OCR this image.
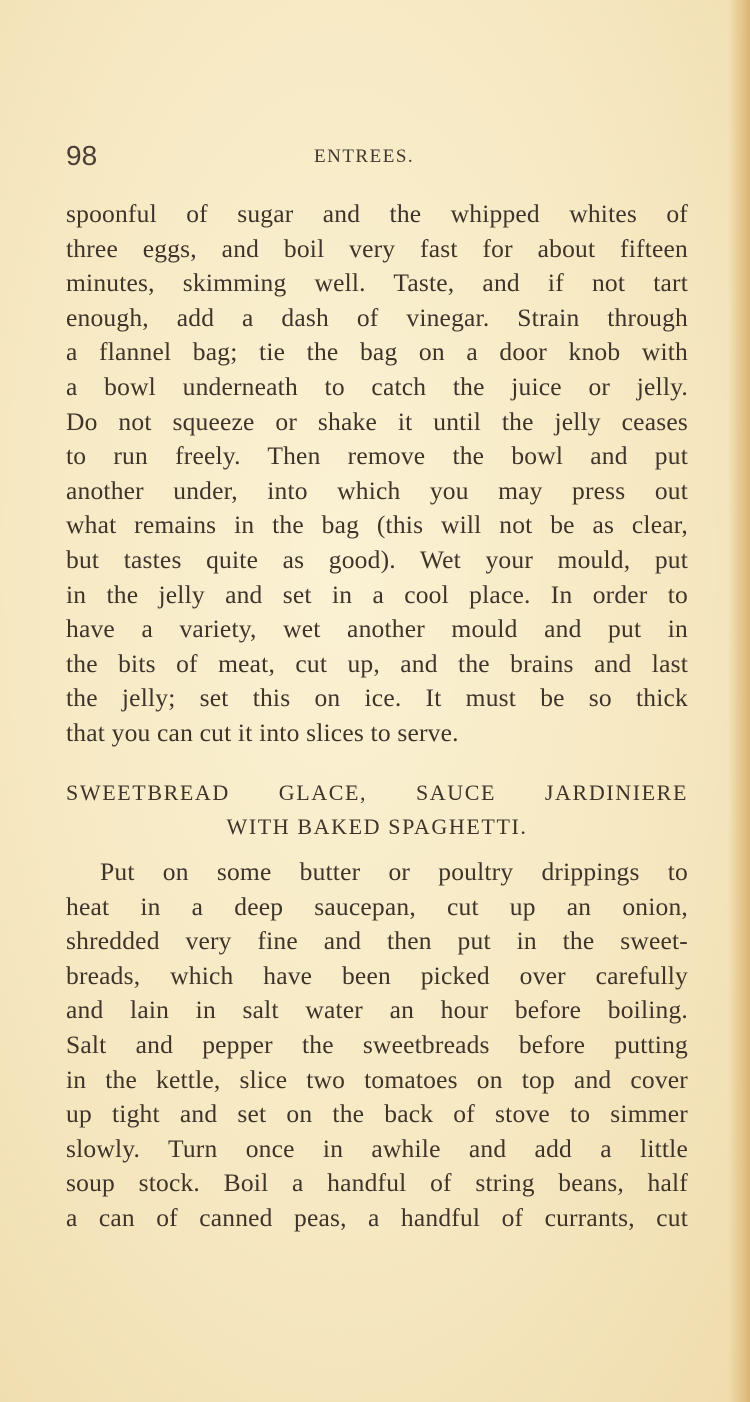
98	ENTREES.
spoonful of sugar and the whipped whites of
three eggs, and boil very fast for about fifteen
minutes, skimming well. Taste, and if not tart
enough, add a dash of vinegar. Strain through
a flannel bag; tie the bag on a door knob with
a bowl underneath to catch the juice or jelly.
Do not squeeze or shake it until the jelly ceases
to run freely. Then remove the bowl and put
another under, into which you may press out
what remains in the bag (this will not be as clear,
but tastes quite as good). Wet your mould, put
in the jelly and set in a cool place. In order to
have a variety, wet another mould and put in
the bits of meat, cut up, and the brains and last
the jelly; set this on ice. It must be so thick
that you can cut it into slices to serve.
SWEETBREAD GLACE, SAUCE JARDINIERE
WITH BAKED SPAGHETTI.
Put on some butter or poultry drippings to
heat in a deep saucepan, cut up an onion,
shredded very fine and then put in the sweet-
breads, which have been picked over carefully
and lain in salt water an hour before boiling.
Salt and pepper the sweetbreads before putting
in the kettle, slice two tomatoes on top and cover
up tight and set on the back of stove to simmer
slowly. Turn once in awhile and add a little
soup stock. Boil a handful of string beans, half
a can of canned peas, a handful of currants, cut
